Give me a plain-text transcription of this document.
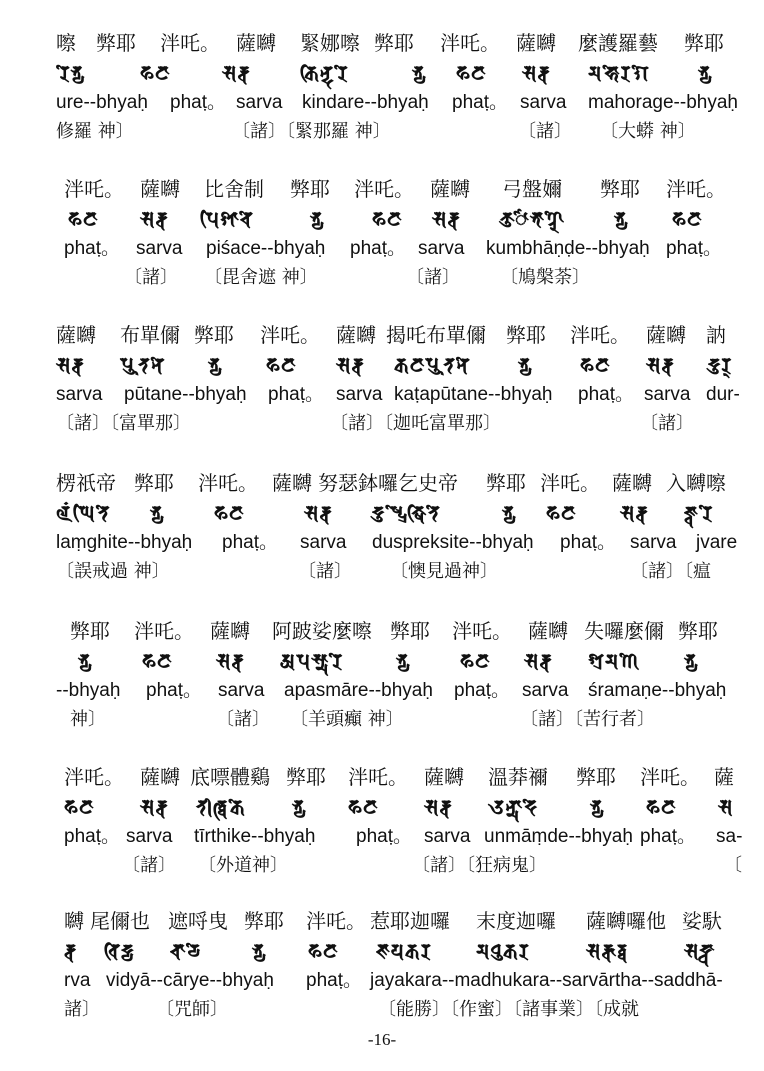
嚓 弊耶 泮吒。 薩嚩 緊娜嚓 弊耶 泮吒。 薩嚩 麼護羅藝 弊耶
𑖨𑖸𑖥𑖿𑖧	𑖣𑖘	𑖭𑖨𑖿𑖪 𑖎𑖰𑖡𑖿𑖟𑖨𑖸	𑖥𑖿𑖧 𑖣𑖘 𑖭𑖨𑖿𑖪 𑖦𑖮𑖺𑖨𑖐𑖸 𑖥𑖿𑖧
ure--bhyaḥ phaṭ。 sarva kindare--bhyaḥ phaṭ。 sarva mahorage--bhyaḥ
修羅 神〕	〔諸〕〔緊那羅 神〕	〔諸〕 〔大蟒 神〕
泮吒。 薩嚩 比舍制 弊耶 泮吒。 薩嚩 弓盤嬭 弊耶 泮吒。
𑖣𑖘 𑖭𑖨𑖿𑖪 𑖢𑖰𑖫𑖯𑖓𑖸	𑖥𑖿𑖧 𑖣𑖘 𑖭𑖨𑖿𑖪 𑖎𑖲𑖻𑖥𑖯𑖜𑖿𑖚𑖸 𑖥𑖿𑖧 𑖣𑖘
phaṭ。 sarva piśace--bhyaḥ phaṭ。 sarva kumbhāṇḍe--bhyaḥ phaṭ。
〔諸〕 〔毘舍遮 神〕	〔諸〕 〔鳩槃荼〕
薩嚩 布單儞 弊耶 泮吒。 薩嚩 揭吒布單儞 弊耶 泮吒。 薩嚩 訥
𑖭𑖨𑖿𑖪 𑖢𑖳𑖝𑖡𑖸 𑖥𑖿𑖧 𑖣𑖘 𑖭𑖨𑖿𑖪 𑖎𑖘𑖢𑖳𑖝𑖡𑖸 𑖥𑖿𑖧 𑖣𑖘 𑖭𑖨𑖿𑖪 𑖟𑖲𑖨𑖿
sarva pūtane--bhyaḥ phaṭ。 sarva kaṭapūtane--bhyaḥ phaṭ。 sarva dur-
〔諸〕〔富單那〕	〔諸〕〔迦吒富單那〕	〔諸〕
楞祇帝 弊耶 泮吒。 薩嚩 努瑟鉢囉乞史帝 弊耶 泮吒。 薩嚩 入嚩嚓
𑖩𑖽𑖑𑖰𑖝𑖸 𑖥𑖿𑖧	𑖣𑖘	𑖭𑖨𑖿𑖪 𑖟𑖲𑖬𑖿𑖢𑖿𑖨𑖸𑖎𑖿𑖬𑖰𑖝𑖸	𑖥𑖿𑖧 𑖣𑖘 𑖭𑖨𑖿𑖪 𑖕𑖿𑖪𑖨𑖸
laṃghite--bhyaḥ phaṭ。 sarva duspreksite--bhyaḥ phaṭ。 sarva jvare
〔誤戒過 神〕	〔諸〕 〔懊見過神〕	〔諸〕〔瘟
弊耶 泮吒。 薩嚩 阿跛娑麼嚓 弊耶 泮吒。 薩嚩 失囉麼儞 弊耶
𑖥𑖿𑖧	𑖣𑖘 𑖭𑖨𑖿𑖪 𑖀𑖢𑖭𑖿𑖦𑖯𑖨𑖸	𑖥𑖿𑖧	𑖣𑖘 𑖭𑖨𑖿𑖪 𑖫𑖿𑖨𑖦𑖜𑖸 𑖥𑖿𑖧
--bhyaḥ phaṭ。 sarva apasmāre--bhyaḥ phaṭ。 sarva śramaṇe--bhyaḥ
神〕	〔諸〕 〔羊頭癲 神〕	〔諸〕〔苦行者〕
泮吒。 薩嚩 底嘌體鷄 弊耶 泮吒。 薩嚩 溫莽禰 弊耶 泮吒。 薩
𑖣𑖘 𑖭𑖨𑖿𑖪 𑖝𑖱𑖨𑖿𑖞𑖰𑖎𑖸 𑖥𑖿𑖧 𑖣𑖘 𑖭𑖨𑖿𑖪 𑖄𑖡𑖿𑖦𑖯𑖟𑖸	𑖥𑖿𑖧 𑖣𑖘 𑖭
phaṭ。 sarva tīrthike--bhyaḥ phaṭ。 sarva unmāṃde--bhyaḥ phaṭ。 sa-
〔諸〕 〔外道神〕	〔諸〕〔狂病鬼〕	〔
嚩 尾儞也 遮哷曳 弊耶 泮吒。 惹耶迦囉 末度迦囉 薩嚩囉他 娑馱
𑖨𑖿𑖪 𑖪𑖰𑖟𑖿𑖧 𑖓𑖯𑖨𑖿𑖧𑖸	𑖥𑖿𑖧 𑖣𑖘 𑖕𑖧𑖎𑖨 𑖦𑖠𑖲𑖎𑖨	𑖭𑖨𑖿𑖪𑖯𑖨𑖿𑖞	𑖭𑖟𑖿𑖠𑖯
rva vidyā--cārye--bhyaḥ phaṭ。 jayakara--madhukara--sarvārtha--saddhā-
諸〕	〔咒師〕	〔能勝〕〔作蜜〕〔諸事業〕〔成就
-16-
